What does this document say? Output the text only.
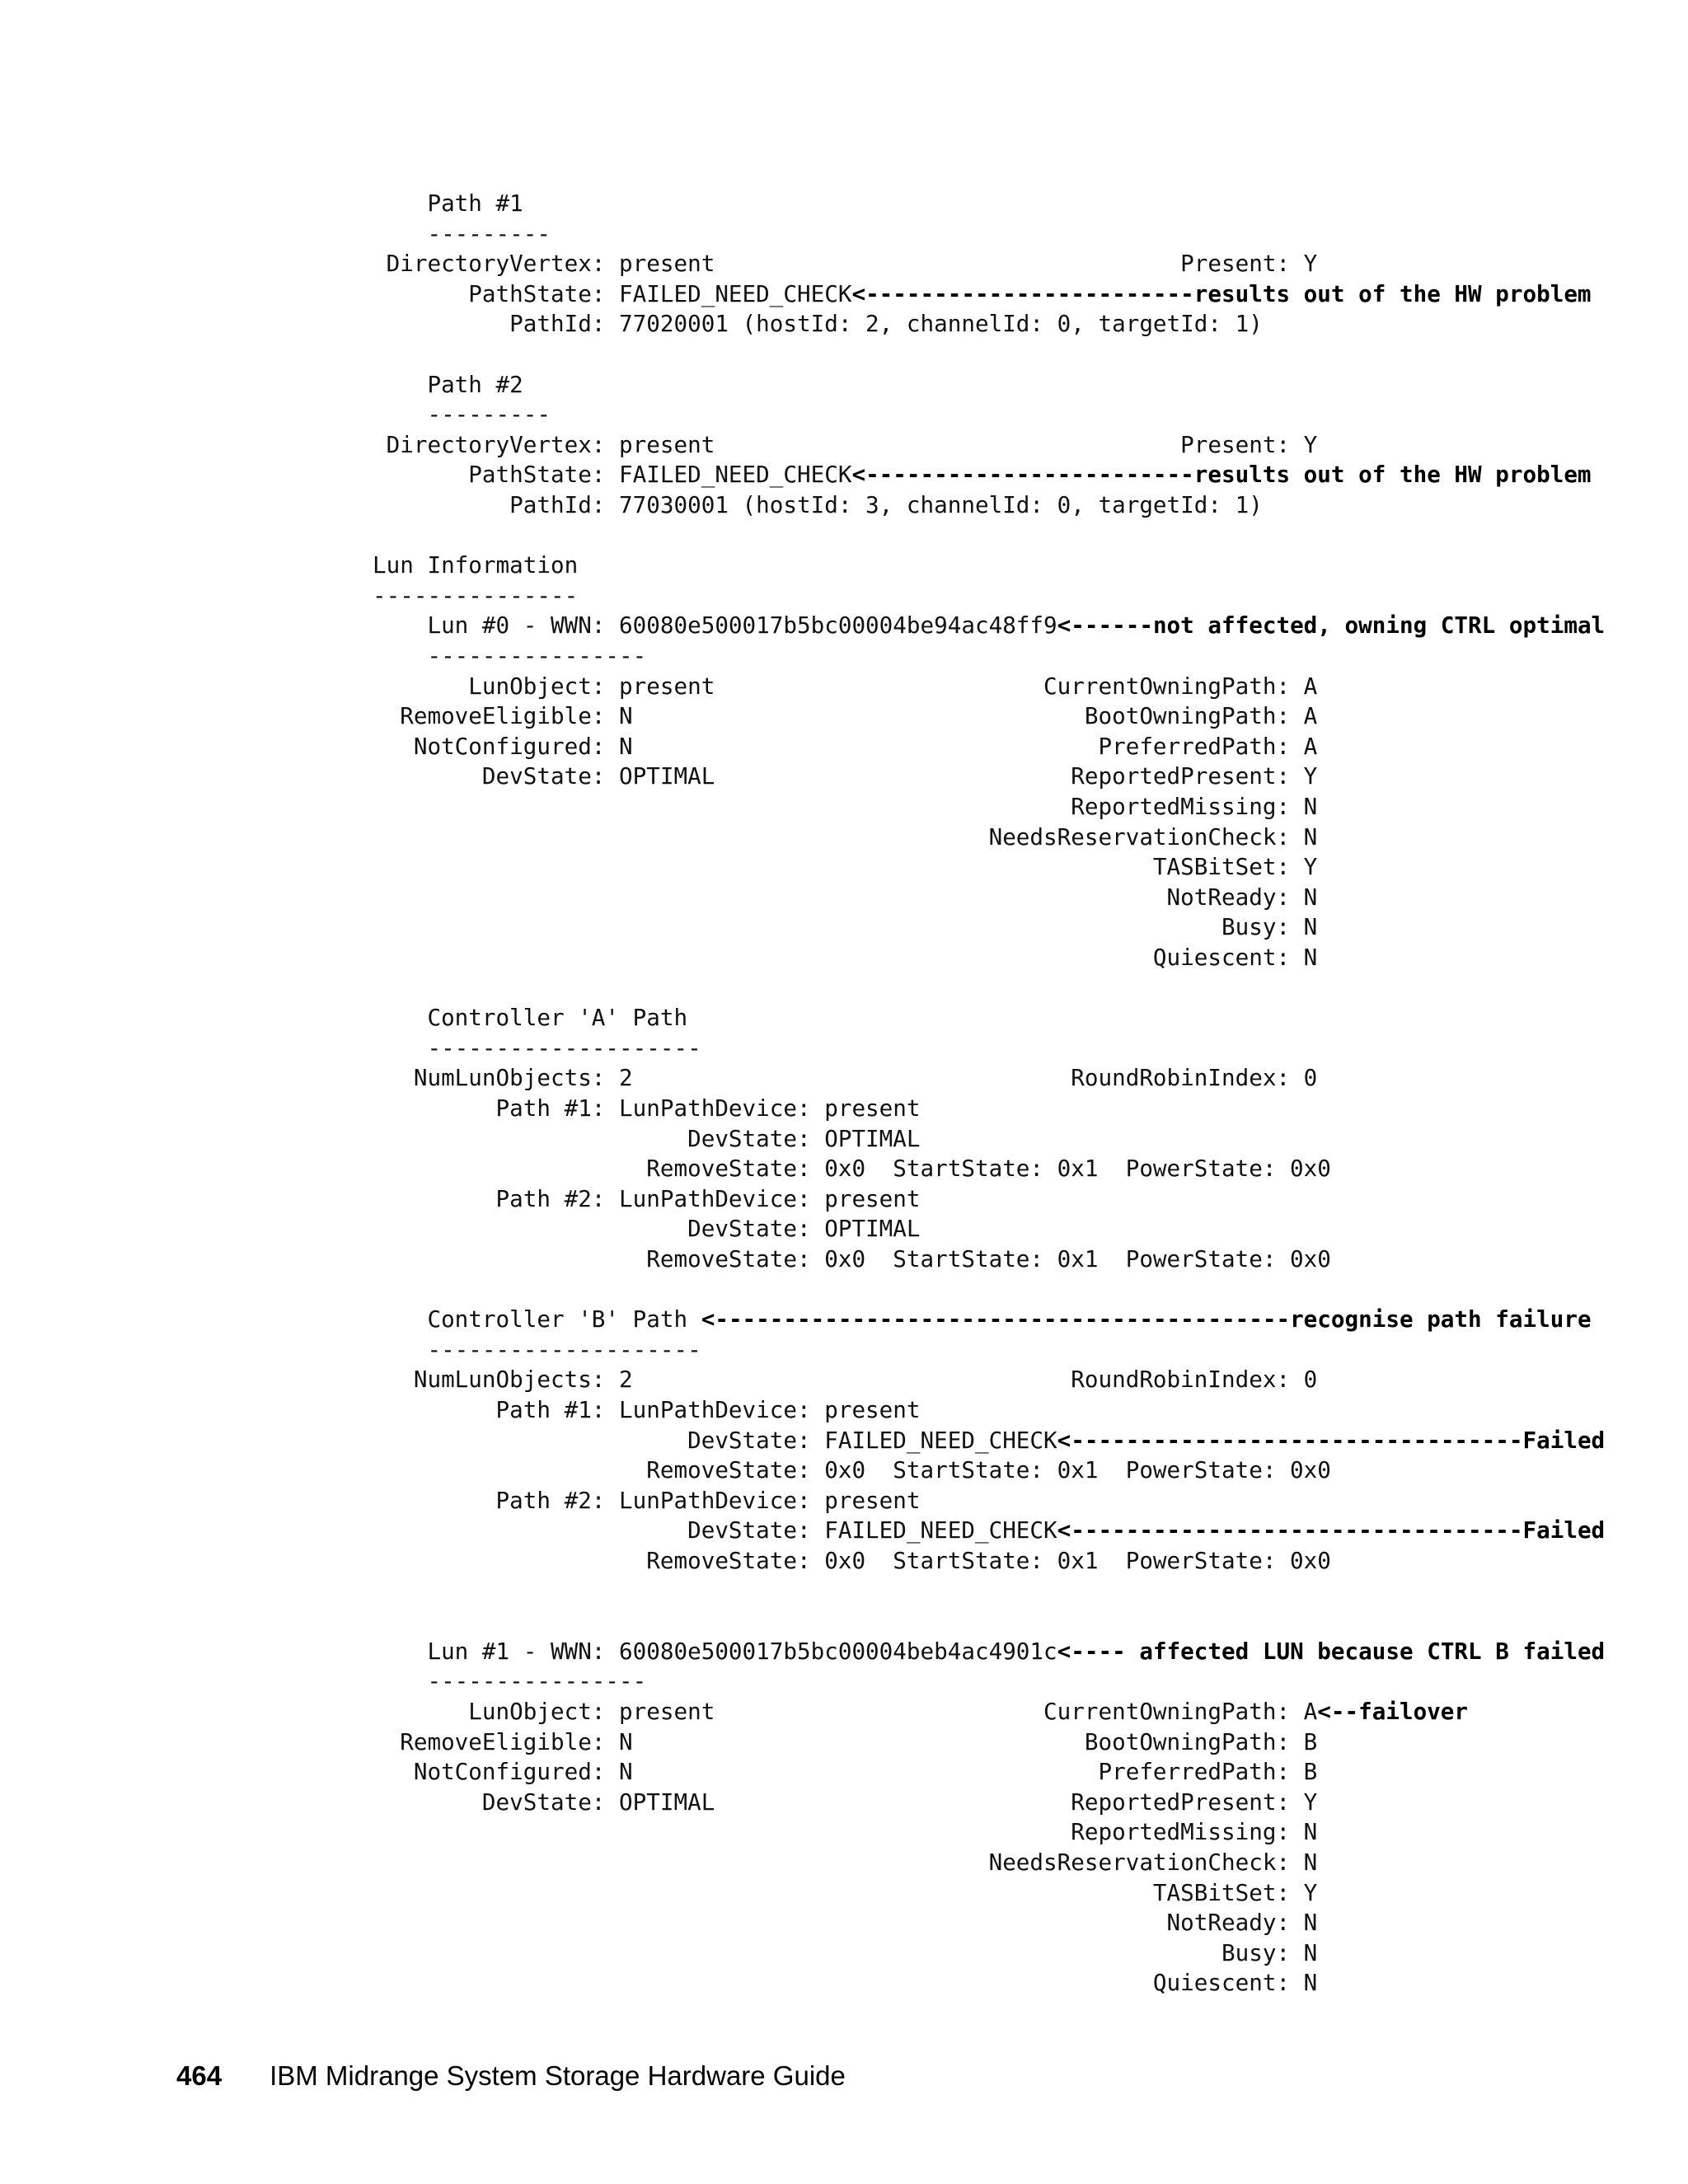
Path #1
---------
DirectoryVertex: present                                  Present: Y
PathState: FAILED_NEED_CHECK<------------------------results out of the HW problem
PathId: 77020001 (hostId: 2, channelId: 0, targetId: 1)
Path #2
---------
DirectoryVertex: present                                  Present: Y
PathState: FAILED_NEED_CHECK<------------------------results out of the HW problem
PathId: 77030001 (hostId: 3, channelId: 0, targetId: 1)
Lun Information
---------------
Lun #0 - WWN: 60080e500017b5bc00004be94ac48ff9<------not affected, owning CTRL optimal
----------------
LunObject: present                        CurrentOwningPath: A
RemoveEligible: N                                 BootOwningPath: A
NotConfigured: N                                  PreferredPath: A
DevState: OPTIMAL                          ReportedPresent: Y
ReportedMissing: N
NeedsReservationCheck: N
TASBitSet: Y
NotReady: N
Busy: N
Quiescent: N
Controller 'A' Path
--------------------
NumLunObjects: 2                                RoundRobinIndex: 0
Path #1: LunPathDevice: present
DevState: OPTIMAL
RemoveState: 0x0  StartState: 0x1  PowerState: 0x0
Path #2: LunPathDevice: present
DevState: OPTIMAL
RemoveState: 0x0  StartState: 0x1  PowerState: 0x0
Controller 'B' Path <------------------------------------------recognise path failure
--------------------
NumLunObjects: 2                                RoundRobinIndex: 0
Path #1: LunPathDevice: present
DevState: FAILED_NEED_CHECK<---------------------------------Failed
RemoveState: 0x0  StartState: 0x1  PowerState: 0x0
Path #2: LunPathDevice: present
DevState: FAILED_NEED_CHECK<---------------------------------Failed
RemoveState: 0x0  StartState: 0x1  PowerState: 0x0
Lun #1 - WWN: 60080e500017b5bc00004beb4ac4901c<---- affected LUN because CTRL B failed
----------------
LunObject: present                        CurrentOwningPath: A<--failover
RemoveEligible: N                                 BootOwningPath: B
NotConfigured: N                                  PreferredPath: B
DevState: OPTIMAL                          ReportedPresent: Y
ReportedMissing: N
NeedsReservationCheck: N
TASBitSet: Y
NotReady: N
Busy: N
Quiescent: N
464 IBM Midrange System Storage Hardware Guide
